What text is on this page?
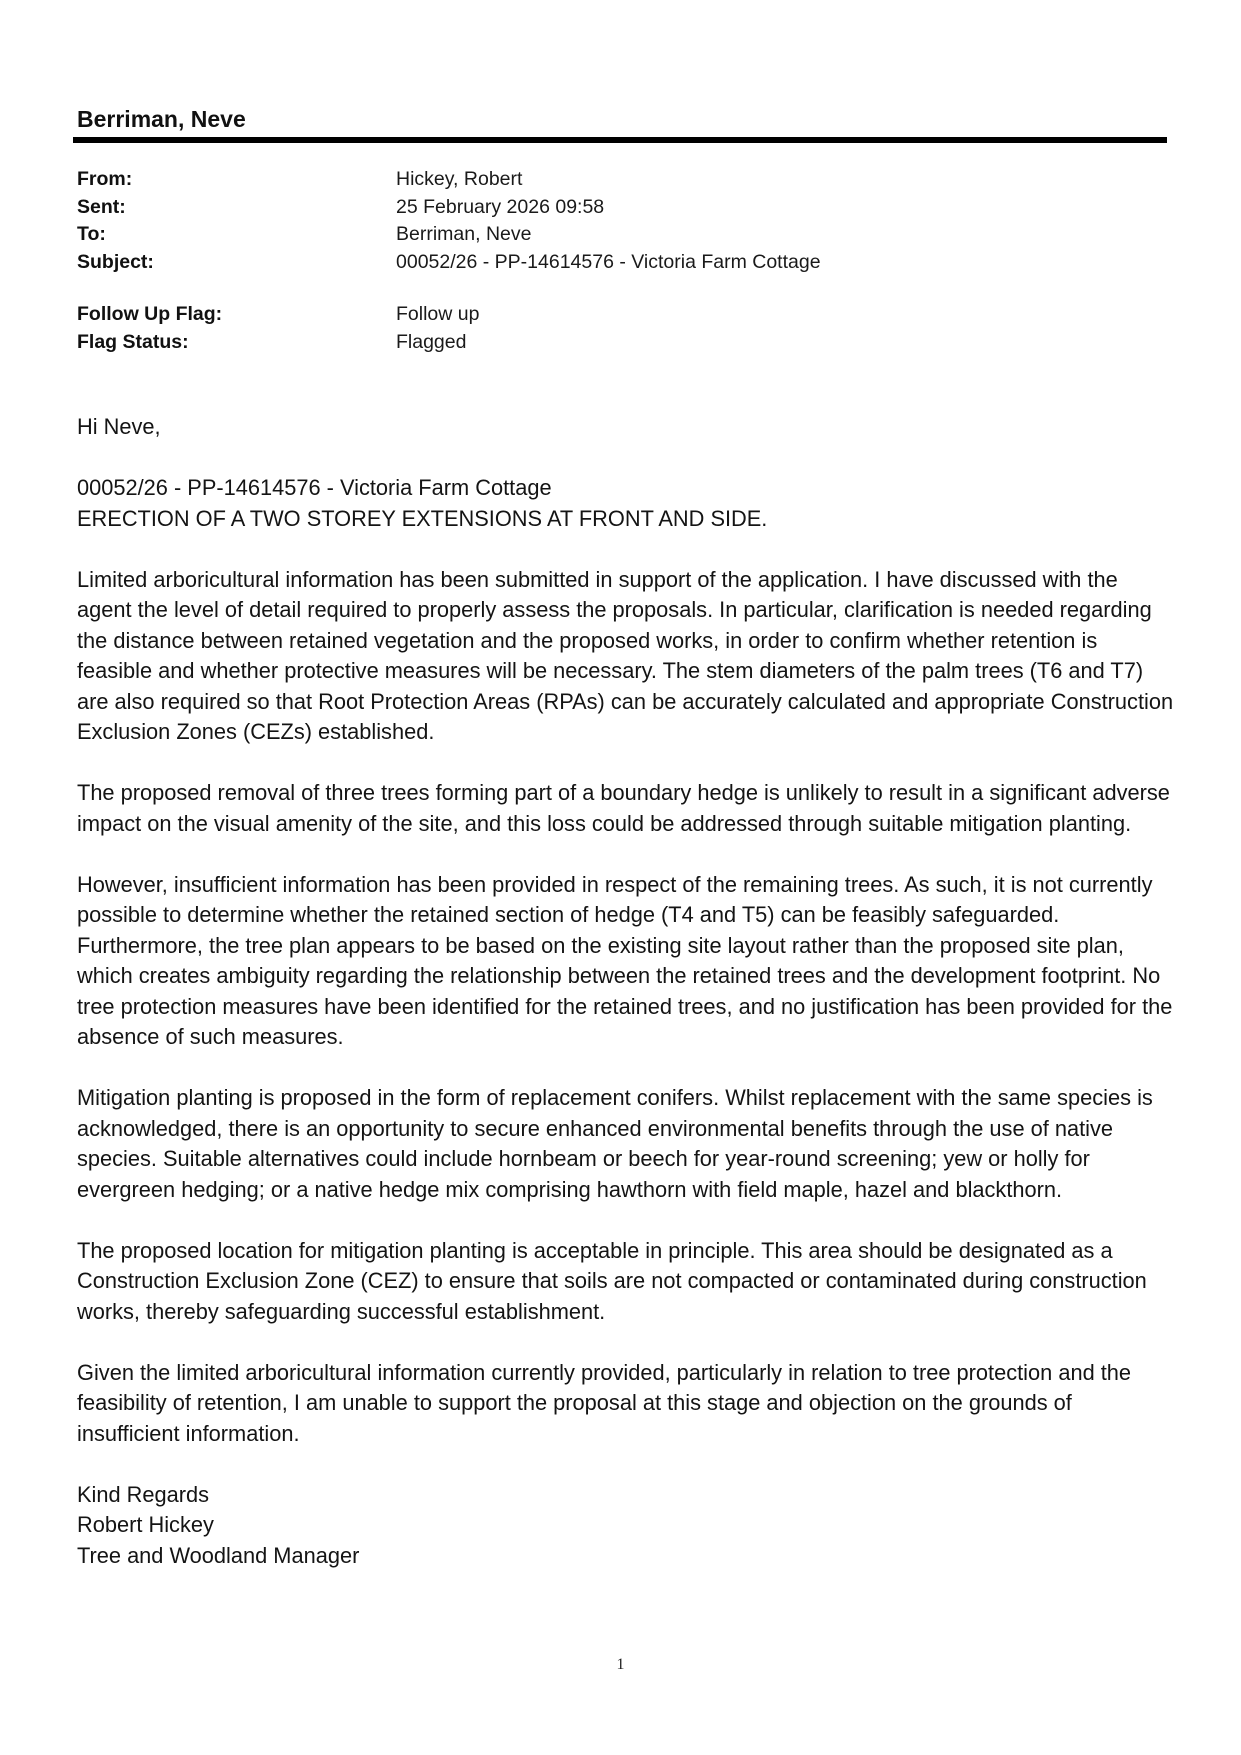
Berriman, Neve
From:	Hickey, Robert
Sent:	25 February 2026 09:58
To:	Berriman, Neve
Subject:	00052/26 - PP-14614576 - Victoria Farm Cottage
Follow Up Flag:	Follow up
Flag Status:	Flagged

Hi Neve,

00052/26 - PP-14614576 - Victoria Farm Cottage
ERECTION OF A TWO STOREY EXTENSIONS AT FRONT AND SIDE.

Limited arboricultural information has been submitted in support of the application. I have discussed with the agent the level of detail required to properly assess the proposals. In particular, clarification is needed regarding the distance between retained vegetation and the proposed works, in order to confirm whether retention is feasible and whether protective measures will be necessary. The stem diameters of the palm trees (T6 and T7) are also required so that Root Protection Areas (RPAs) can be accurately calculated and appropriate Construction Exclusion Zones (CEZs) established.

The proposed removal of three trees forming part of a boundary hedge is unlikely to result in a significant adverse impact on the visual amenity of the site, and this loss could be addressed through suitable mitigation planting.

However, insufficient information has been provided in respect of the remaining trees. As such, it is not currently possible to determine whether the retained section of hedge (T4 and T5) can be feasibly safeguarded. Furthermore, the tree plan appears to be based on the existing site layout rather than the proposed site plan, which creates ambiguity regarding the relationship between the retained trees and the development footprint. No tree protection measures have been identified for the retained trees, and no justification has been provided for the absence of such measures.

Mitigation planting is proposed in the form of replacement conifers. Whilst replacement with the same species is acknowledged, there is an opportunity to secure enhanced environmental benefits through the use of native species. Suitable alternatives could include hornbeam or beech for year-round screening; yew or holly for evergreen hedging; or a native hedge mix comprising hawthorn with field maple, hazel and blackthorn.

The proposed location for mitigation planting is acceptable in principle. This area should be designated as a Construction Exclusion Zone (CEZ) to ensure that soils are not compacted or contaminated during construction works, thereby safeguarding successful establishment.

Given the limited arboricultural information currently provided, particularly in relation to tree protection and the feasibility of retention, I am unable to support the proposal at this stage and objection on the grounds of insufficient information.

Kind Regards
Robert Hickey
Tree and Woodland Manager

1
